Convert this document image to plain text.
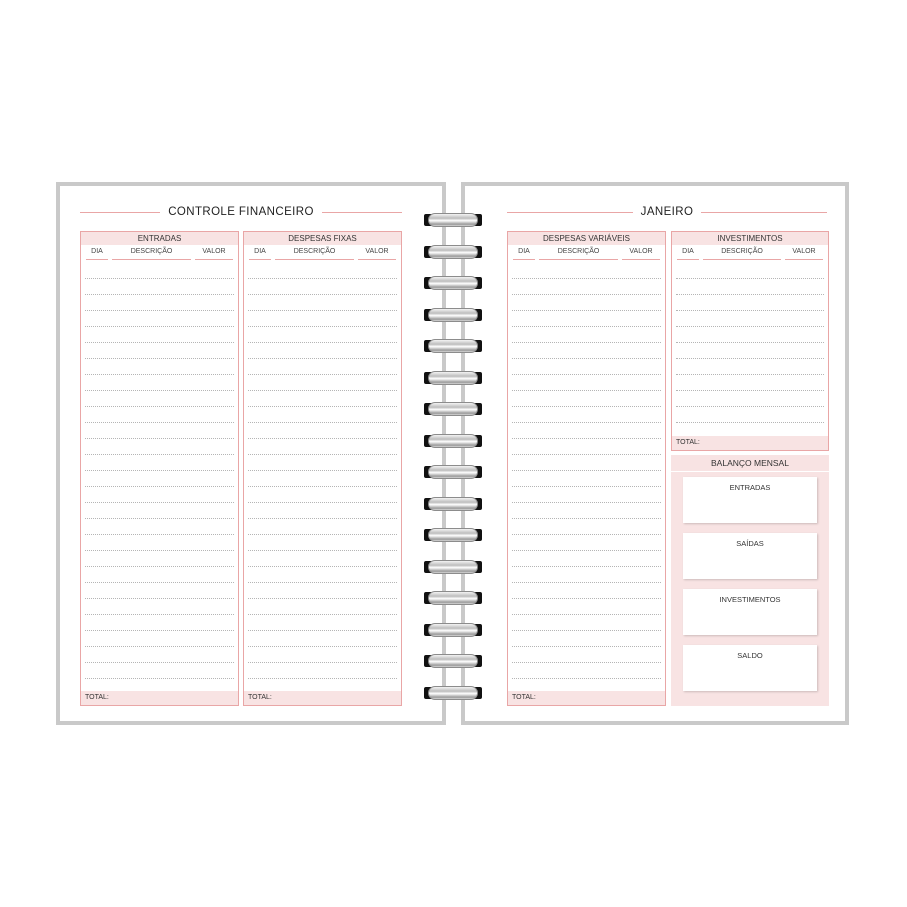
CONTROLE FINANCEIRO
ENTRADAS
DIA	DESCRIÇÃO	VALOR
TOTAL:
DESPESAS FIXAS
DIA	DESCRIÇÃO	VALOR
TOTAL:
JANEIRO
DESPESAS VARIÁVEIS
DIA	DESCRIÇÃO	VALOR
TOTAL:
INVESTIMENTOS
DIA	DESCRIÇÃO	VALOR
TOTAL:
BALANÇO MENSAL
ENTRADAS
SAÍDAS
INVESTIMENTOS
SALDO
